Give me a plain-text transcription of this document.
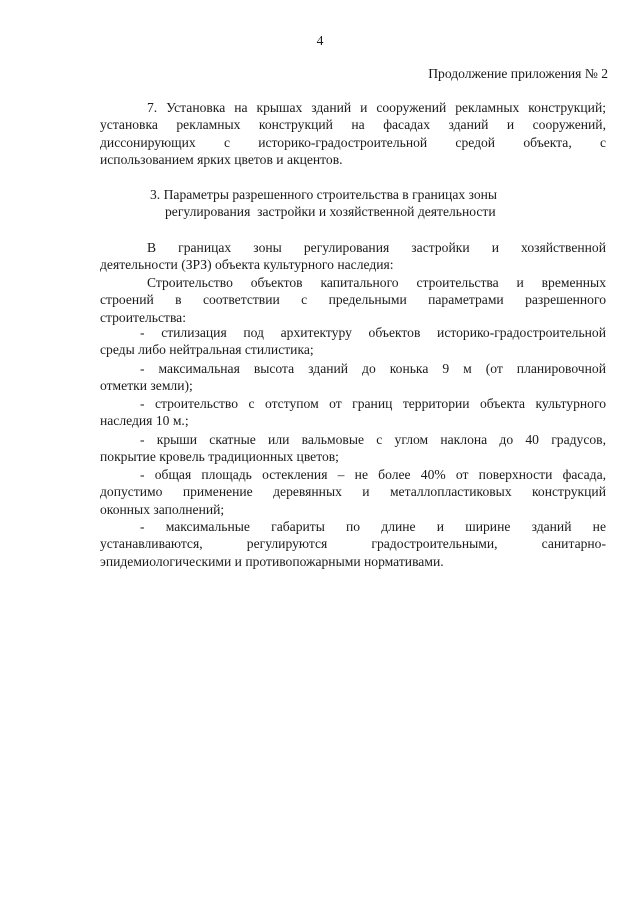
4
Продолжение приложения № 2
7. Установка на крышах зданий и сооружений рекламных конструкций;
установка рекламных конструкций на фасадах зданий и сооружений,
диссонирующих с историко-градостроительной средой объекта, с
использованием ярких цветов и акцентов.
3. Параметры разрешенного строительства в границах зоны
регулирования  застройки и хозяйственной деятельности
В границах зоны регулирования застройки и хозяйственной
деятельности (ЗРЗ) объекта культурного наследия:
Строительство объектов капитального строительства и временных
строений в соответствии с предельными параметрами разрешенного
строительства:
- стилизация под архитектуру объектов историко-градостроительной
среды либо нейтральная стилистика;
- максимальная высота зданий до конька 9 м (от планировочной
отметки земли);
- строительство с отступом от границ территории объекта культурного
наследия 10 м.;
- крыши скатные или вальмовые с углом наклона до 40 градусов,
покрытие кровель традиционных цветов;
- общая площадь остекления – не более 40% от поверхности фасада,
допустимо применение деревянных и металлопластиковых конструкций
оконных заполнений;
- максимальные габариты по длине и ширине зданий не
устанавливаются, регулируются градостроительными, санитарно-
эпидемиологическими и противопожарными нормативами.
